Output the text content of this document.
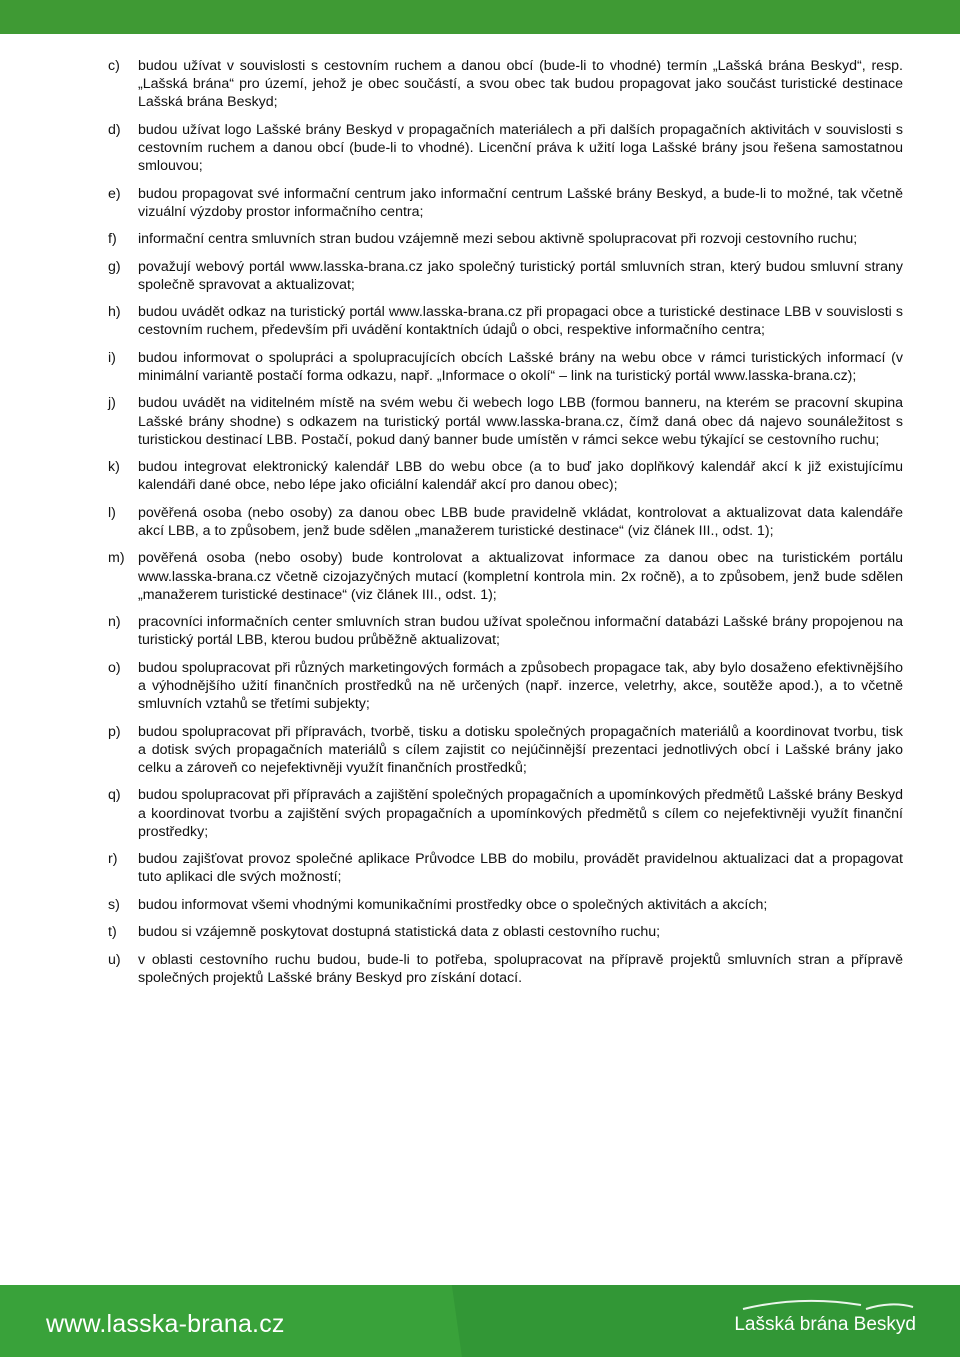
c)	budou užívat v souvislosti s cestovním ruchem a danou obcí (bude-li to vhodné) termín „Lašská brána Beskyd“, resp. „Lašská brána“ pro území, jehož je obec součástí, a svou obec tak budou propagovat jako součást turistické destinace Lašská brána Beskyd;
d)	budou užívat logo Lašské brány Beskyd v propagačních materiálech a při dalších propagačních aktivitách v souvislosti s cestovním ruchem a danou obcí (bude-li to vhodné). Licenční práva k užití loga Lašské brány jsou řešena samostatnou smlouvou;
e)	budou propagovat své informační centrum jako informační centrum Lašské brány Beskyd, a bude-li to možné, tak včetně vizuální výzdoby prostor informačního centra;
f)	informační centra smluvních stran budou vzájemně mezi sebou aktivně spolupracovat při rozvoji cestovního ruchu;
g)	považují webový portál www.lasska-brana.cz jako společný turistický portál smluvních stran, který budou smluvní strany společně spravovat a aktualizovat;
h)	budou uvádět odkaz na turistický portál www.lasska-brana.cz při propagaci obce a turistické destinace LBB v souvislosti s cestovním ruchem, především při uvádění kontaktních údajů o obci, respektive informačního centra;
i)	budou informovat o spolupráci a spolupracujících obcích Lašské brány na webu obce v rámci turistických informací (v minimální variantě postačí forma odkazu, např. „Informace o okolí“ – link na turistický portál www.lasska-brana.cz);
j)	budou uvádět na viditelném místě na svém webu či webech logo LBB (formou banneru, na kterém se pracovní skupina Lašské brány shodne) s odkazem na turistický portál www.lasska-brana.cz, čímž daná obec dá najevo sounáležitost s turistickou destinací LBB. Postačí, pokud daný banner bude umístěn v rámci sekce webu týkající se cestovního ruchu;
k)	budou integrovat elektronický kalendář LBB do webu obce (a to buď jako doplňkový kalendář akcí k již existujícímu kalendáři dané obce, nebo lépe jako oficiální kalendář akcí pro danou obec);
l)	pověřená osoba (nebo osoby) za danou obec LBB bude pravidelně vkládat, kontrolovat a aktualizovat data kalendáře akcí LBB, a to způsobem, jenž bude sdělen „manažerem turistické destinace“ (viz článek III., odst. 1);
m) pověřená osoba (nebo osoby) bude kontrolovat a aktualizovat informace za danou obec na turistickém portálu www.lasska-brana.cz včetně cizojazyčných mutací (kompletní kontrola min. 2x ročně), a to způsobem, jenž bude sdělen „manažerem turistické destinace“ (viz článek III., odst. 1);
n)	pracovníci informačních center smluvních stran budou užívat společnou informační databázi Lašské brány propojenou na turistický portál LBB, kterou budou průběžně aktualizovat;
o)	budou spolupracovat při různých marketingových formách a způsobech propagace tak, aby bylo dosaženo efektivnějšího a výhodnějšího užití finančních prostředků na ně určených (např. inzerce, veletrhy, akce, soutěže apod.), a to včetně smluvních vztahů se třetími subjekty;
p)	budou spolupracovat při přípravách, tvorbě, tisku a dotisku společných propagačních materiálů a koordinovat tvorbu, tisk a dotisk svých propagačních materiálů s cílem zajistit co nejúčinnější prezentaci jednotlivých obcí i Lašské brány jako celku a zároveň co nejefektivněji využít finančních prostředků;
q)	budou spolupracovat při přípravách a zajištění společných propagačních a upomínkových předmětů Lašské brány Beskyd a koordinovat tvorbu a zajištění svých propagačních a upomínkových předmětů s cílem co nejefektivněji využít finanční prostředky;
r)	budou zajišťovat provoz společné aplikace Průvodce LBB do mobilu, provádět pravidelnou aktualizaci dat a propagovat tuto aplikaci dle svých možností;
s)	budou informovat všemi vhodnými komunikačními prostředky obce o společných aktivitách a akcích;
t)	budou si vzájemně poskytovat dostupná statistická data z oblasti cestovního ruchu;
u)	v oblasti cestovního ruchu budou, bude-li to potřeba, spolupracovat na přípravě projektů smluvních stran a přípravě společných projektů Lašské brány Beskyd pro získání dotací.
www.lasska-brana.cz	Lašská brána Beskyd
